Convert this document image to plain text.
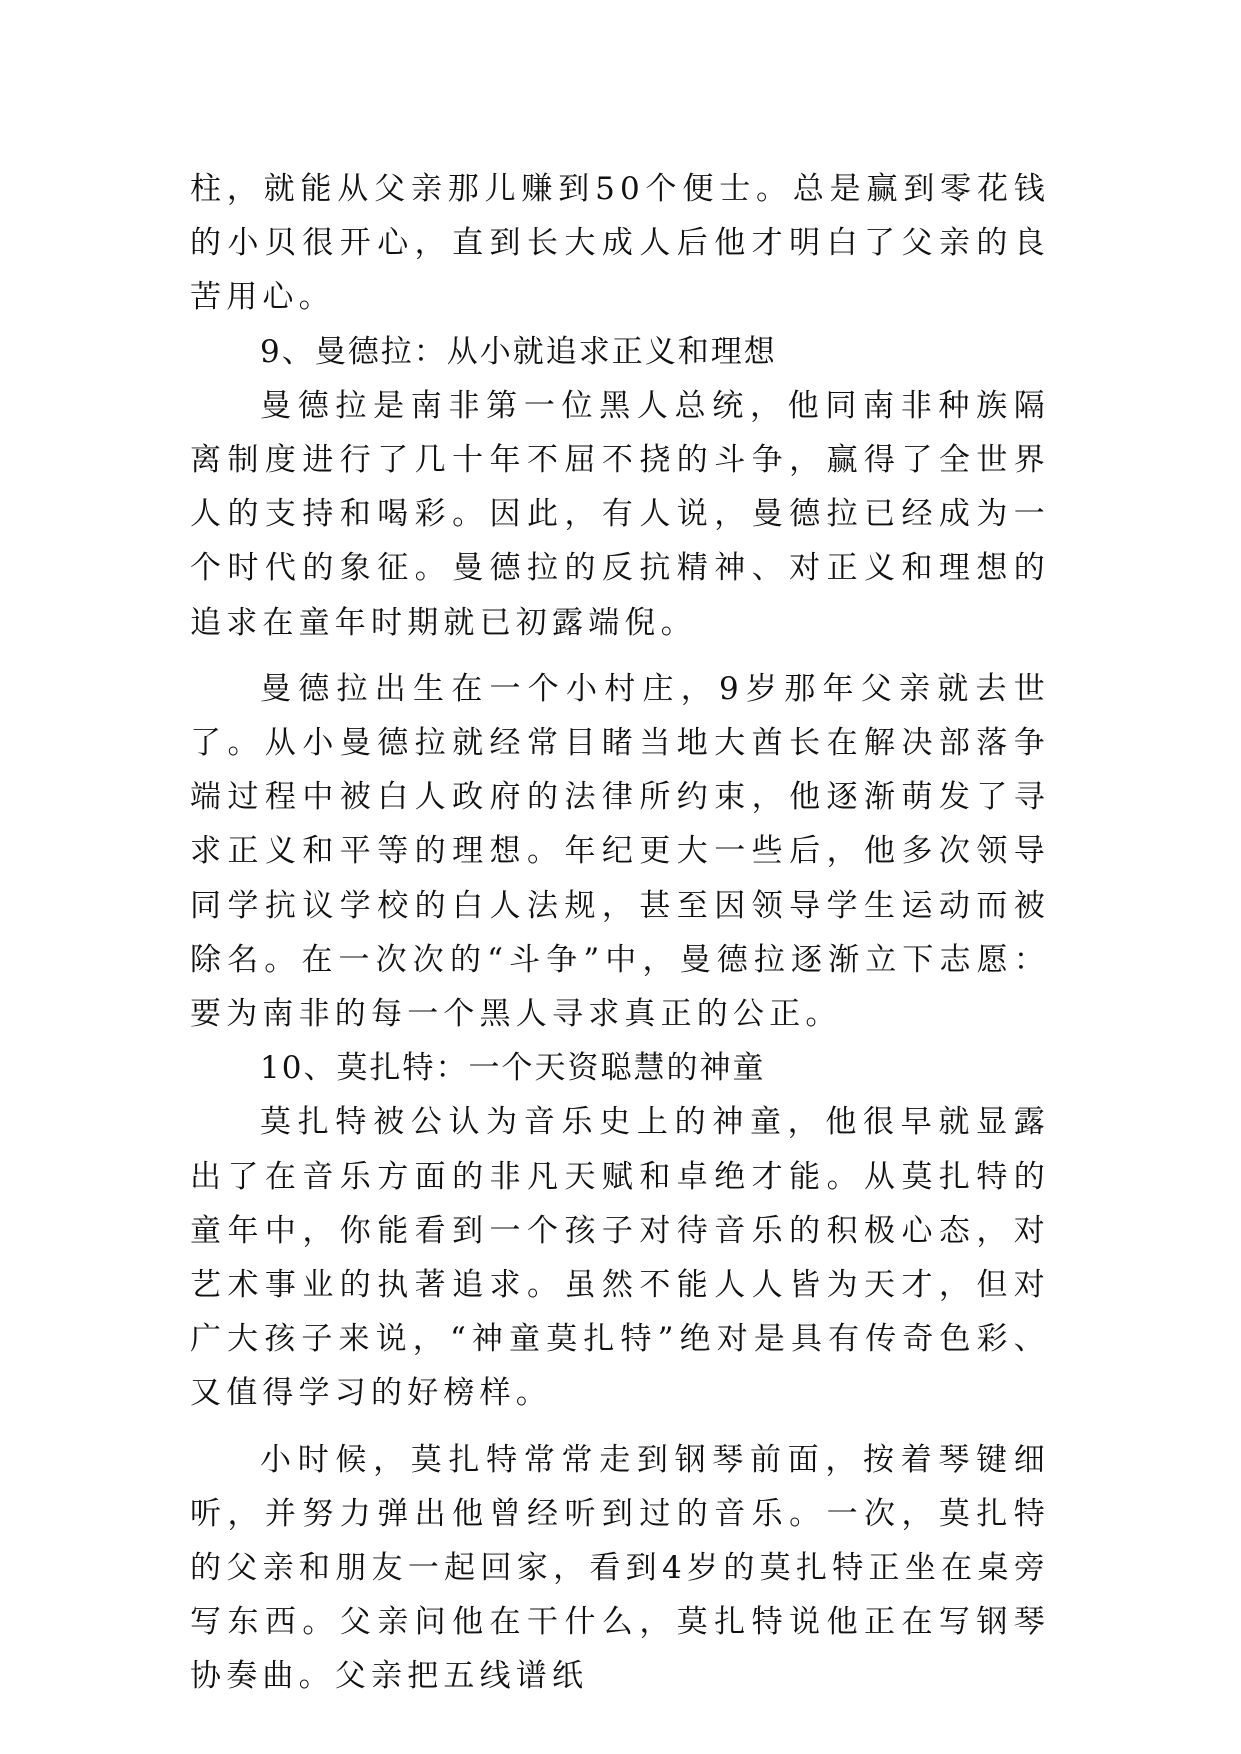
柱，就能从父亲那儿赚到50个便士。总是赢到零花钱的小贝很开心，直到长大成人后他才明白了父亲的良苦用心。

9、曼德拉：从小就追求正义和理想

曼德拉是南非第一位黑人总统，他同南非种族隔离制度进行了几十年不屈不挠的斗争，赢得了全世界人的支持和喝彩。因此，有人说，曼德拉已经成为一个时代的象征。曼德拉的反抗精神、对正义和理想的追求在童年时期就已初露端倪。

曼德拉出生在一个小村庄，9岁那年父亲就去世了。从小曼德拉就经常目睹当地大酋长在解决部落争端过程中被白人政府的法律所约束，他逐渐萌发了寻求正义和平等的理想。年纪更大一些后，他多次领导同学抗议学校的白人法规，甚至因领导学生运动而被除名。在一次次的“斗争”中，曼德拉逐渐立下志愿：要为南非的每一个黑人寻求真正的公正。

10、莫扎特：一个天资聪慧的神童

莫扎特被公认为音乐史上的神童，他很早就显露出了在音乐方面的非凡天赋和卓绝才能。从莫扎特的童年中，你能看到一个孩子对待音乐的积极心态，对艺术事业的执著追求。虽然不能人人皆为天才，但对广大孩子来说，“神童莫扎特”绝对是具有传奇色彩、又值得学习的好榜样。

小时候，莫扎特常常走到钢琴前面，按着琴键细听，并努力弹出他曾经听到过的音乐。一次，莫扎特的父亲和朋友一起回家，看到4岁的莫扎特正坐在桌旁写东西。父亲问他在干什么，莫扎特说他正在写钢琴协奏曲。父亲把五线谱纸
